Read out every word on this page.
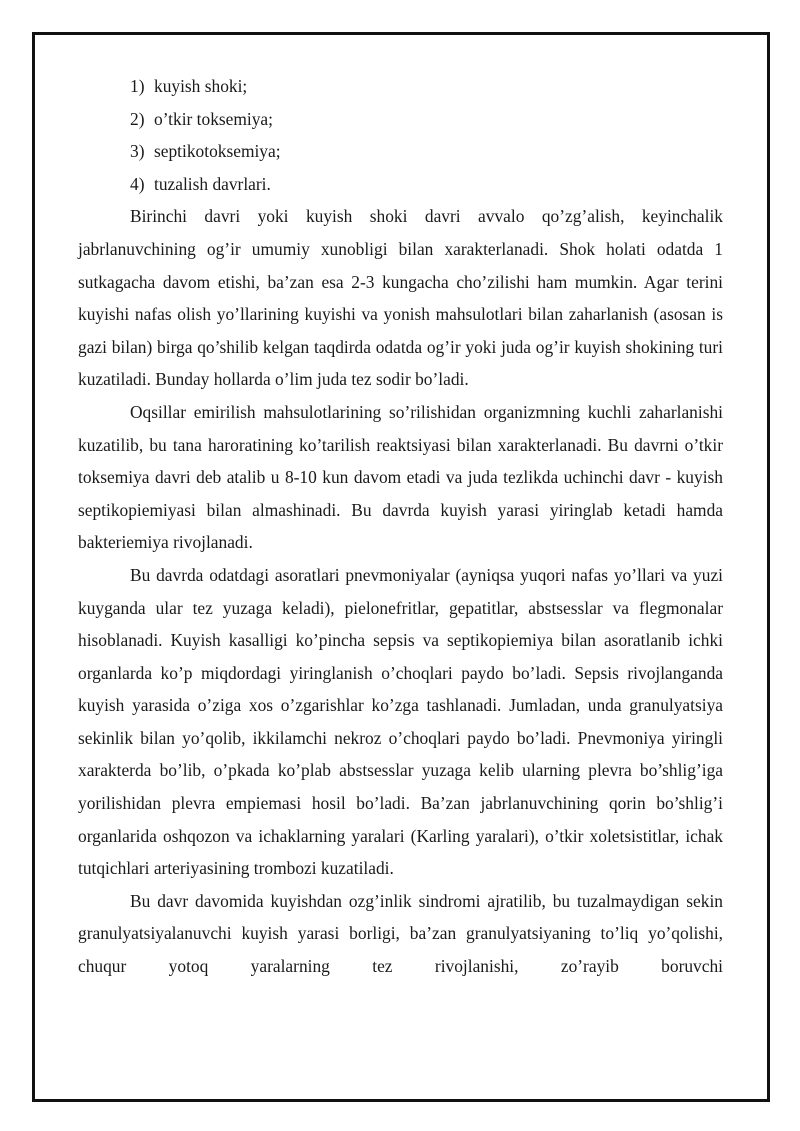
1) kuyish shoki;
2) o’tkir toksemiya;
3) septikotoksemiya;
4) tuzalish davrlari.

Birinchi davri yoki kuyish shoki davri avvalo qo’zg’alish, keyinchalik jabrlanuvchining og’ir umumiy xunobligi bilan xarakterlanadi. Shok holati odatda 1 sutkagacha davom etishi, ba’zan esa 2-3 kungacha cho’zilishi ham mumkin. Agar terini kuyishi nafas olish yo’llarining kuyishi va yonish mahsulotlari bilan zaharlanish (asosan is gazi bilan) birga qo’shilib kelgan taqdirda odatda og’ir yoki juda og’ir kuyish shokining turi kuzatiladi. Bunday hollarda o’lim juda tez sodir bo’ladi.

Oqsillar emirilish mahsulotlarining so’rilishidan organizmning kuchli zaharlanishi kuzatilib, bu tana haroratining ko’tarilish reaktsiyasi bilan xarakterlanadi. Bu davrni o’tkir toksemiya davri deb atalib u 8-10 kun davom etadi va juda tezlikda uchinchi davr - kuyish septikopiemiyasi bilan almashinadi. Bu davrda kuyish yarasi yiringlab ketadi hamda bakteriemiya rivojlanadi.

Bu davrda odatdagi asoratlari pnevmoniyalar (ayniqsa yuqori nafas yo’llari va yuzi kuyganda ular tez yuzaga keladi), pielonefritlar, gepatitlar, abstsesslar va flegmonalar hisoblanadi. Kuyish kasalligi ko’pincha sepsis va septikopiemiya bilan asoratlanib ichki organlarda ko’p miqdordagi yiringlanish o’choqlari paydo bo’ladi. Sepsis rivojlanganda kuyish yarasida o’ziga xos o’zgarishlar ko’zga tashlanadi. Jumladan, unda granulyatsiya sekinlik bilan yo’qolib, ikkilamchi nekroz o’choqlari paydo bo’ladi. Pnevmoniya yiringli xarakterda bo’lib, o’pkada ko’plab abstsesslar yuzaga kelib ularning plevra bo’shlig’iga yorilishidan plevra empiemasi hosil bo’ladi. Ba’zan jabrlanuvchining qorin bo’shlig’i organlarida oshqozon va ichaklarning yaralari (Karling yaralari), o’tkir xoletsistitlar, ichak tutqichlari arteriyasining trombozi kuzatiladi.

Bu davr davomida kuyishdan ozg’inlik sindromi ajratilib, bu tuzalmaydigan sekin granulyatsiyalanuvchi kuyish yarasi borligi, ba’zan granulyatsiyaning to’liq yo’qolishi, chuqur yotoq yaralarning tez rivojlanishi, zo’rayib boruvchi
